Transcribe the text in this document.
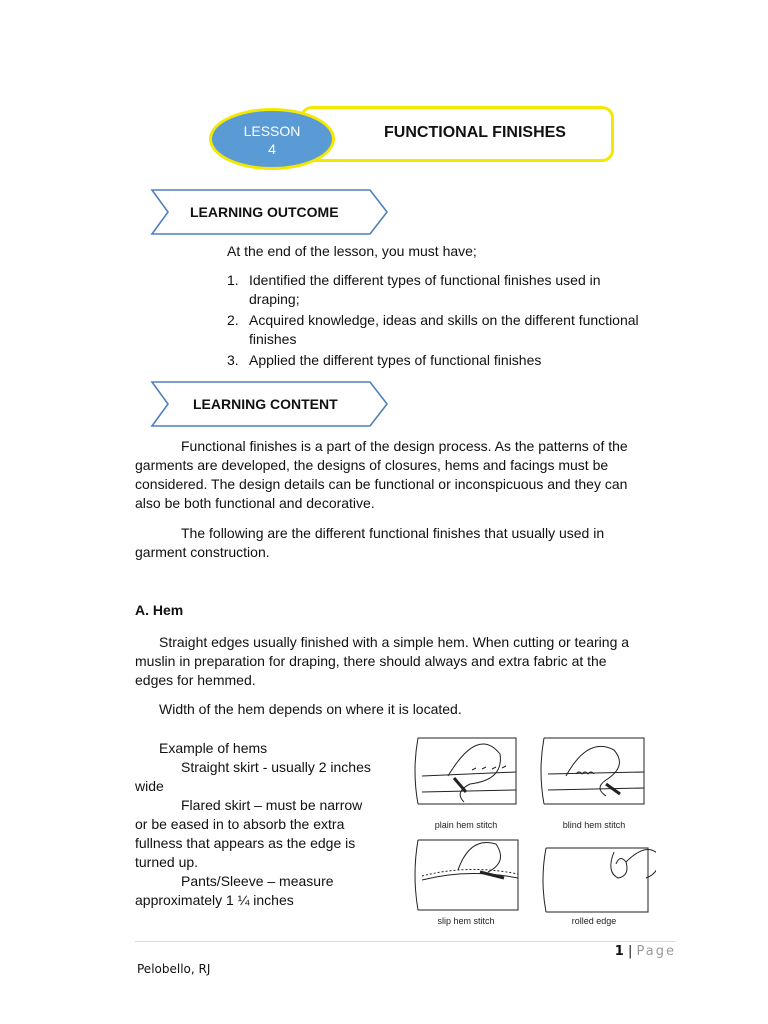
FUNCTIONAL FINISHES
LESSON
4
LEARNING OUTCOME
At the end of the lesson, you must have;
1. Identified the different types of functional finishes used in
draping;
2. Acquired knowledge, ideas and skills on the different functional
finishes
3. Applied the different types of functional finishes
LEARNING CONTENT
Functional finishes is a part of the design process. As the patterns of the
garments are developed, the designs of closures, hems and facings must be
considered. The design details can be functional or inconspicuous and they can
also be both functional and decorative.
The following are the different functional finishes that usually used in
garment construction.
A. Hem
Straight edges usually finished with a simple hem. When cutting or tearing a
muslin in preparation for draping, there should always and extra fabric at the
edges for hemmed.
Width of the hem depends on where it is located.
Example of hems
Straight skirt - usually 2 inches
wide
Flared skirt – must be narrow
or be eased in to absorb the extra
fullness that appears as the edge is
turned up.
Pants/Sleeve – measure
approximately 1 ¼ inches
plain hem stitch	blind hem stitch
slip hem stitch	rolled edge
1 | Page
Pelobello, RJ
